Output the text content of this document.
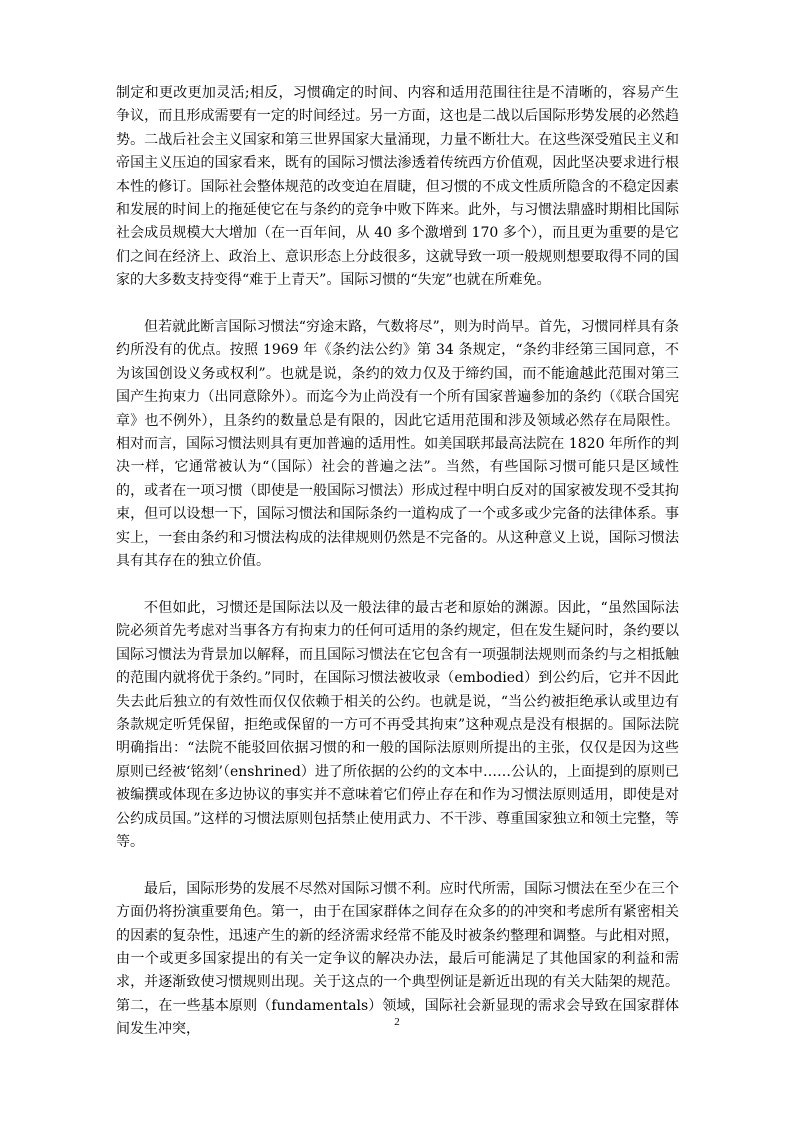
制定和更改更加灵活;相反，习惯确定的时间、内容和适用范围往往是不清晰的，容易产生争议，而且形成需要有一定的时间经过。另一方面，这也是二战以后国际形势发展的必然趋势。二战后社会主义国家和第三世界国家大量涌现，力量不断壮大。在这些深受殖民主义和帝国主义压迫的国家看来，既有的国际习惯法渗透着传统西方价值观，因此坚决要求进行根本性的修订。国际社会整体规范的改变迫在眉睫，但习惯的不成文性质所隐含的不稳定因素和发展的时间上的拖延使它在与条约的竞争中败下阵来。此外，与习惯法鼎盛时期相比国际社会成员规模大大增加（在一百年间，从 40 多个激增到 170 多个），而且更为重要的是它们之间在经济上、政治上、意识形态上分歧很多，这就导致一项一般规则想要取得不同的国家的大多数支持变得“难于上青天”。国际习惯的“失宠”也就在所难免。

但若就此断言国际习惯法“穷途末路，气数将尽”，则为时尚早。首先，习惯同样具有条约所没有的优点。按照 1969 年《条约法公约》第 34 条规定，“条约非经第三国同意，不为该国创设义务或权利”。也就是说，条约的效力仅及于缔约国，而不能逾越此范围对第三国产生拘束力（出同意除外）。而迄今为止尚没有一个所有国家普遍参加的条约（《联合国宪章》也不例外），且条约的数量总是有限的，因此它适用范围和涉及领域必然存在局限性。相对而言，国际习惯法则具有更加普遍的适用性。如美国联邦最高法院在 1820 年所作的判决一样，它通常被认为“（国际）社会的普遍之法”。当然，有些国际习惯可能只是区域性的，或者在一项习惯（即使是一般国际习惯法）形成过程中明白反对的国家被发现不受其拘束，但可以设想一下，国际习惯法和国际条约一道构成了一个或多或少完备的法律体系。事实上，一套由条约和习惯法构成的法律规则仍然是不完备的。从这种意义上说，国际习惯法具有其存在的独立价值。

不但如此，习惯还是国际法以及一般法律的最古老和原始的渊源。因此，“虽然国际法院必须首先考虑对当事各方有拘束力的任何可适用的条约规定，但在发生疑问时，条约要以国际习惯法为背景加以解释，而且国际习惯法在它包含有一项强制法规则而条约与之相抵触的范围内就将优于条约。”同时，在国际习惯法被收录（embodied）到公约后，它并不因此失去此后独立的有效性而仅仅依赖于相关的公约。也就是说，“当公约被拒绝承认或里边有条款规定听凭保留，拒绝或保留的一方可不再受其拘束”这种观点是没有根据的。国际法院明确指出：“法院不能驳回依据习惯的和一般的国际法原则所提出的主张，仅仅是因为这些原则已经被‘铭刻’（enshrined）进了所依据的公约的文本中……公认的，上面提到的原则已被编撰或体现在多边协议的事实并不意味着它们停止存在和作为习惯法原则适用，即使是对公约成员国。”这样的习惯法原则包括禁止使用武力、不干涉、尊重国家独立和领土完整，等等。

最后，国际形势的发展不尽然对国际习惯不利。应时代所需，国际习惯法在至少在三个方面仍将扮演重要角色。第一，由于在国家群体之间存在众多的的冲突和考虑所有紧密相关的因素的复杂性，迅速产生的新的经济需求经常不能及时被条约整理和调整。与此相对照，由一个或更多国家提出的有关一定争议的解决办法，最后可能满足了其他国家的利益和需求，并逐渐致使习惯规则出现。关于这点的一个典型例证是新近出现的有关大陆架的规范。第二，在一些基本原则（fundamentals）领域，国际社会新显现的需求会导致在国家群体间发生冲突，	2
